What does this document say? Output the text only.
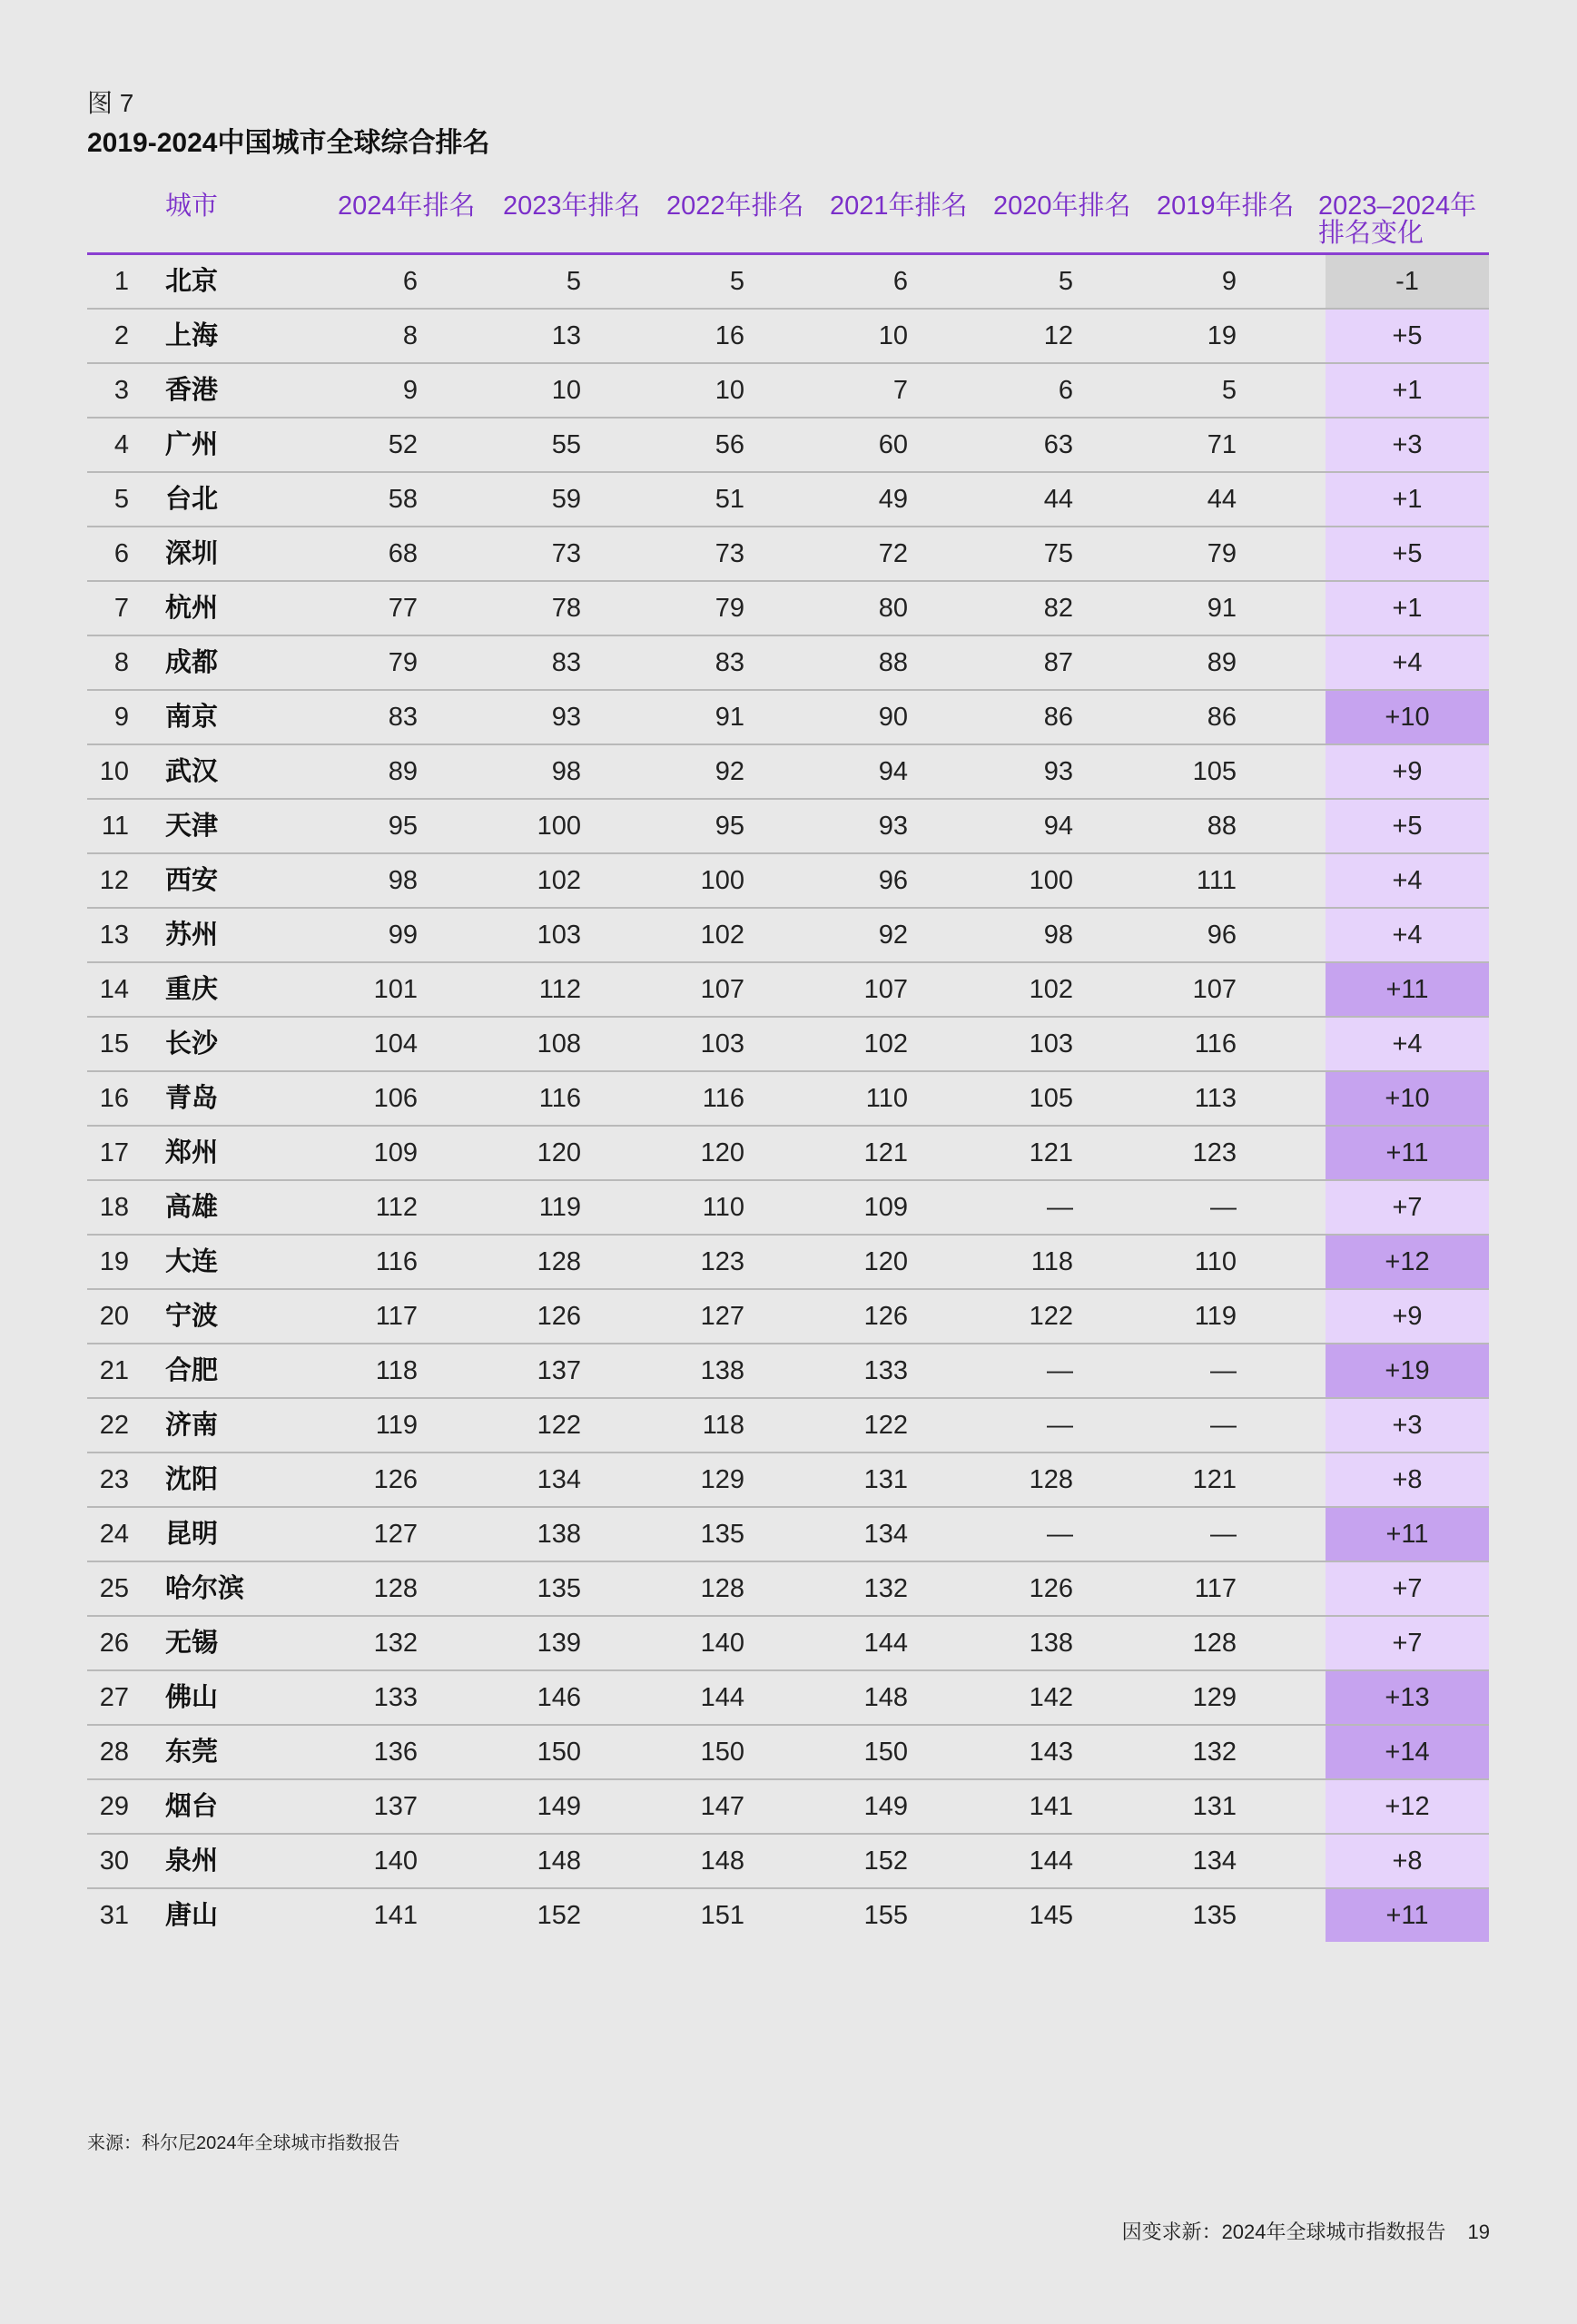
图 7
2019-2024中国城市全球综合排名
城市	2024年排名 2023年排名 2022年排名 2021年排名 2020年排名 2019年排名 2023–2024年
排名变化
1 北京	6	5	5	6	5	9	-1
2 上海	8	13	16	10	12	19	+5
3 香港	9	10	10	7	6	5	+1
4 广州	52	55	56	60	63	71	+3
5 台北	58	59	51	49	44	44	+1
6 深圳	68	73	73	72	75	79	+5
7 杭州	77	78	79	80	82	91	+1
8 成都	79	83	83	88	87	89	+4
9 南京	83	93	91	90	86	86	+10
10 武汉	89	98	92	94	93	105	+9
11 天津	95	100	95	93	94	88	+5
12 西安	98	102	100	96	100	111	+4
13 苏州	99	103	102	92	98	96	+4
14 重庆	101	112	107	107	102	107	+11
15 长沙	104	108	103	102	103	116	+4
16 青岛	106	116	116	110	105	113	+10
17 郑州	109	120	120	121	121	123	+11
18 高雄	112	119	110	109	—	—	+7
19 大连	116	128	123	120	118	110	+12
20 宁波	117	126	127	126	122	119	+9
21 合肥	118	137	138	133	—	—	+19
22 济南	119	122	118	122	—	—	+3
23 沈阳	126	134	129	131	128	121	+8
24 昆明	127	138	135	134	—	—	+11
25 哈尔滨	128	135	128	132	126	117	+7
26 无锡	132	139	140	144	138	128	+7
27 佛山	133	146	144	148	142	129	+13
28 东莞	136	150	150	150	143	132	+14
29 烟台	137	149	147	149	141	131	+12
30 泉州	140	148	148	152	144	134	+8
31 唐山	141	152	151	155	145	135	+11
来源：科尔尼2024年全球城市指数报告
因变求新：2024年全球城市指数报告 19
